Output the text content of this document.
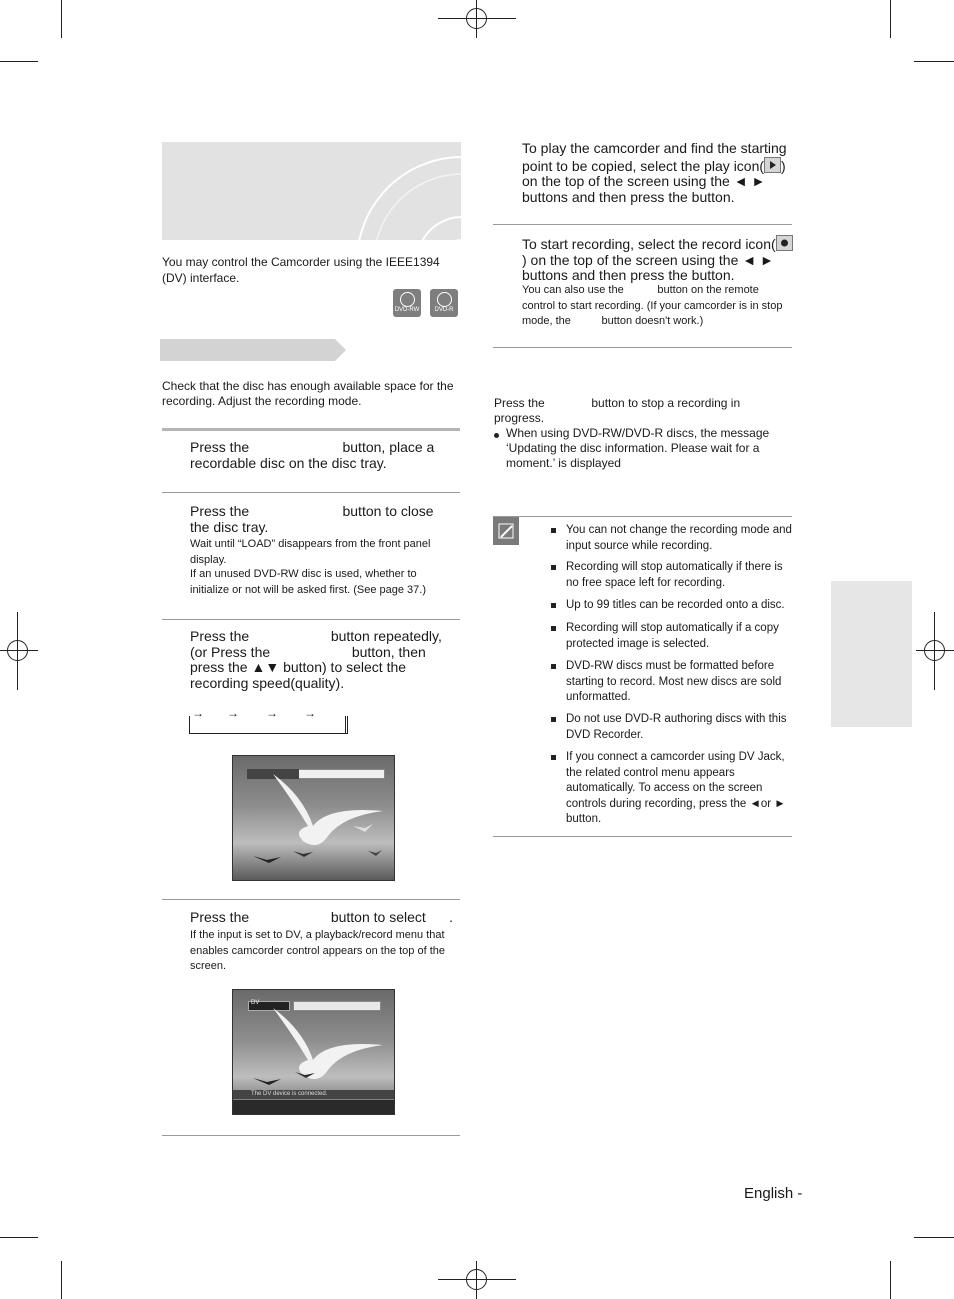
You may control the Camcorder using the IEEE1394 (DV) interface.
DVD-RW	DVD-R
Check that the disc has enough available space for the recording. Adjust the recording mode.
Press the                        button, place a recordable disc on the disc tray.
Press the                        button to close the disc tray.
Wait until “LOAD” disappears from the front panel display.
If an unused DVD-RW disc is used, whether to initialize or not will be asked first. (See page 37.)
Press the                     button repeatedly, (or Press the                     button, then press the ▲▼ button) to select the recording speed(quality).
→ → → →
Press the                     button to select      .
If the input is set to DV, a playback/record menu that enables camcorder control appears on the top of the screen.
DV
The DV device is connected.
To play the camcorder and find the starting point to be copied, select the play icon( ) on the top of the screen using the ◄ ► buttons and then press the button.
To start recording, select the record icon(
) on the top of the screen using the ◄ ► buttons and then press the button.
You can also use the           button on the remote control to start recording. (If your camcorder is in stop mode, the          button doesn't work.)
Press the              button to stop a recording in progress.
When using DVD-RW/DVD-R discs, the message ‘Updating the disc information. Please wait for a moment.’ is displayed
You can not change the recording mode and input source while recording.
Recording will stop automatically if there is no free space left for recording.
Up to 99 titles can be recorded onto a disc.
Recording will stop automatically if a copy protected image is selected.
DVD-RW discs must be formatted before starting to record. Most new discs are sold unformatted.
Do not use DVD-R authoring discs with this DVD Recorder.
If you connect a camcorder using DV Jack, the related control menu appears automatically. To access on the screen controls during recording, press the ◄or ► button.
English -
